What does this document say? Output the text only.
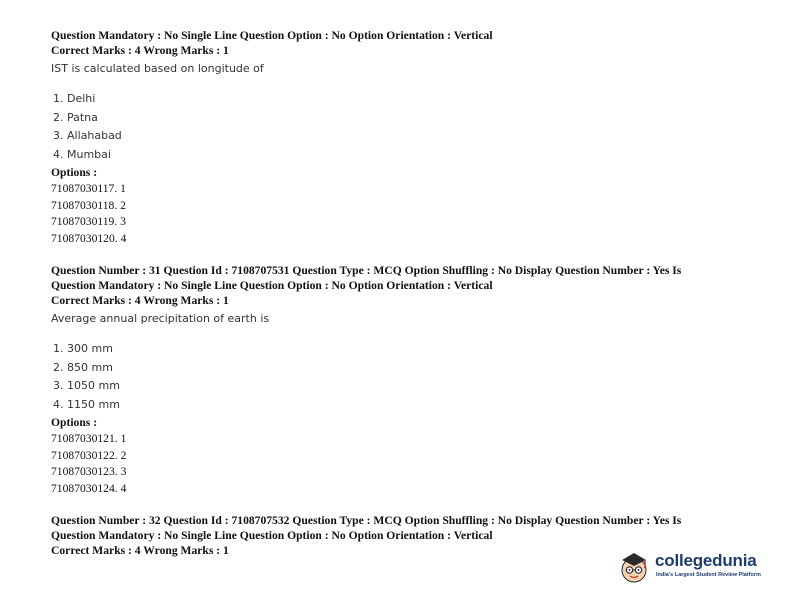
Question Mandatory : No Single Line Question Option : No Option Orientation : Vertical
Correct Marks : 4 Wrong Marks : 1
IST is calculated based on longitude of
1. Delhi
2. Patna
3. Allahabad
4. Mumbai
Options :
71087030117. 1
71087030118. 2
71087030119. 3
71087030120. 4
Question Number : 31 Question Id : 7108707531 Question Type : MCQ Option Shuffling : No Display Question Number : Yes Is
Question Mandatory : No Single Line Question Option : No Option Orientation : Vertical
Correct Marks : 4 Wrong Marks : 1
Average annual precipitation of earth is
1. 300 mm
2. 850 mm
3. 1050 mm
4. 1150 mm
Options :
71087030121. 1
71087030122. 2
71087030123. 3
71087030124. 4
Question Number : 32 Question Id : 7108707532 Question Type : MCQ Option Shuffling : No Display Question Number : Yes Is
Question Mandatory : No Single Line Question Option : No Option Orientation : Vertical
Correct Marks : 4 Wrong Marks : 1
collegedunia
India's Largest Student Review Platform
